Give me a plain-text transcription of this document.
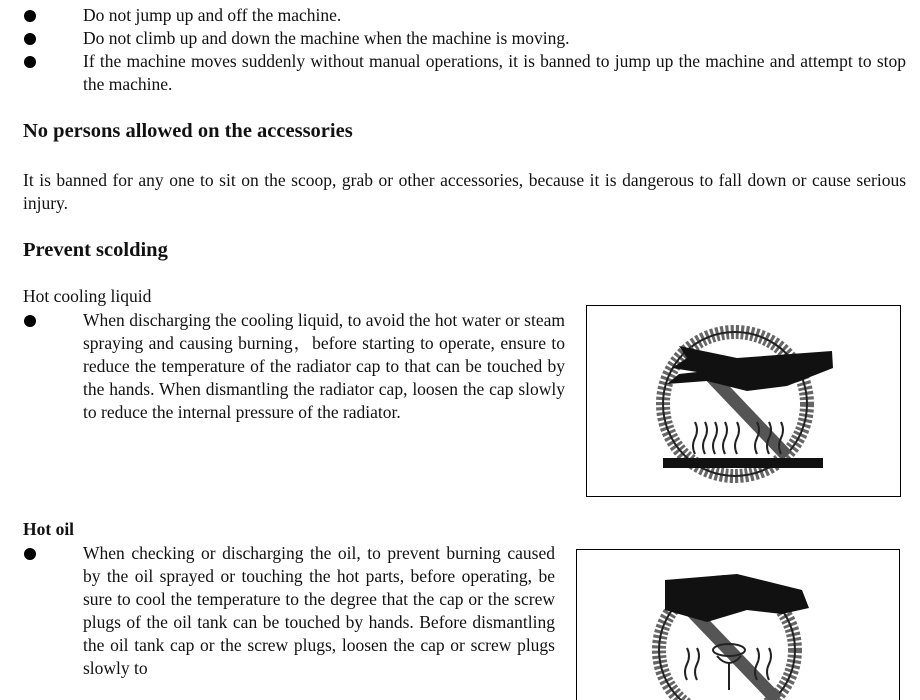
Do not jump up and off the machine.
Do not climb up and down the machine when the machine is moving.
If the machine moves suddenly without manual operations, it is banned to jump up the machine and attempt to stop the machine.
No persons allowed on the accessories
It is banned for any one to sit on the scoop, grab or other accessories, because it is dangerous to fall down or cause serious injury.
Prevent scolding
Hot cooling liquid
When discharging the cooling liquid, to avoid the hot water or steam spraying and causing burning，before starting to operate, ensure to reduce the temperature of the radiator cap to that can be touched by the hands. When dismantling the radiator cap, loosen the cap slowly to reduce the internal pressure of the radiator.
Hot oil
When checking or discharging the oil, to prevent burning caused by the oil sprayed or touching the hot parts, before operating, be sure to cool the temperature to the degree that the cap or the screw plugs of the oil tank can be touched by hands. Before dismantling the oil tank cap or the screw plugs, loosen the cap or screw plugs slowly to
